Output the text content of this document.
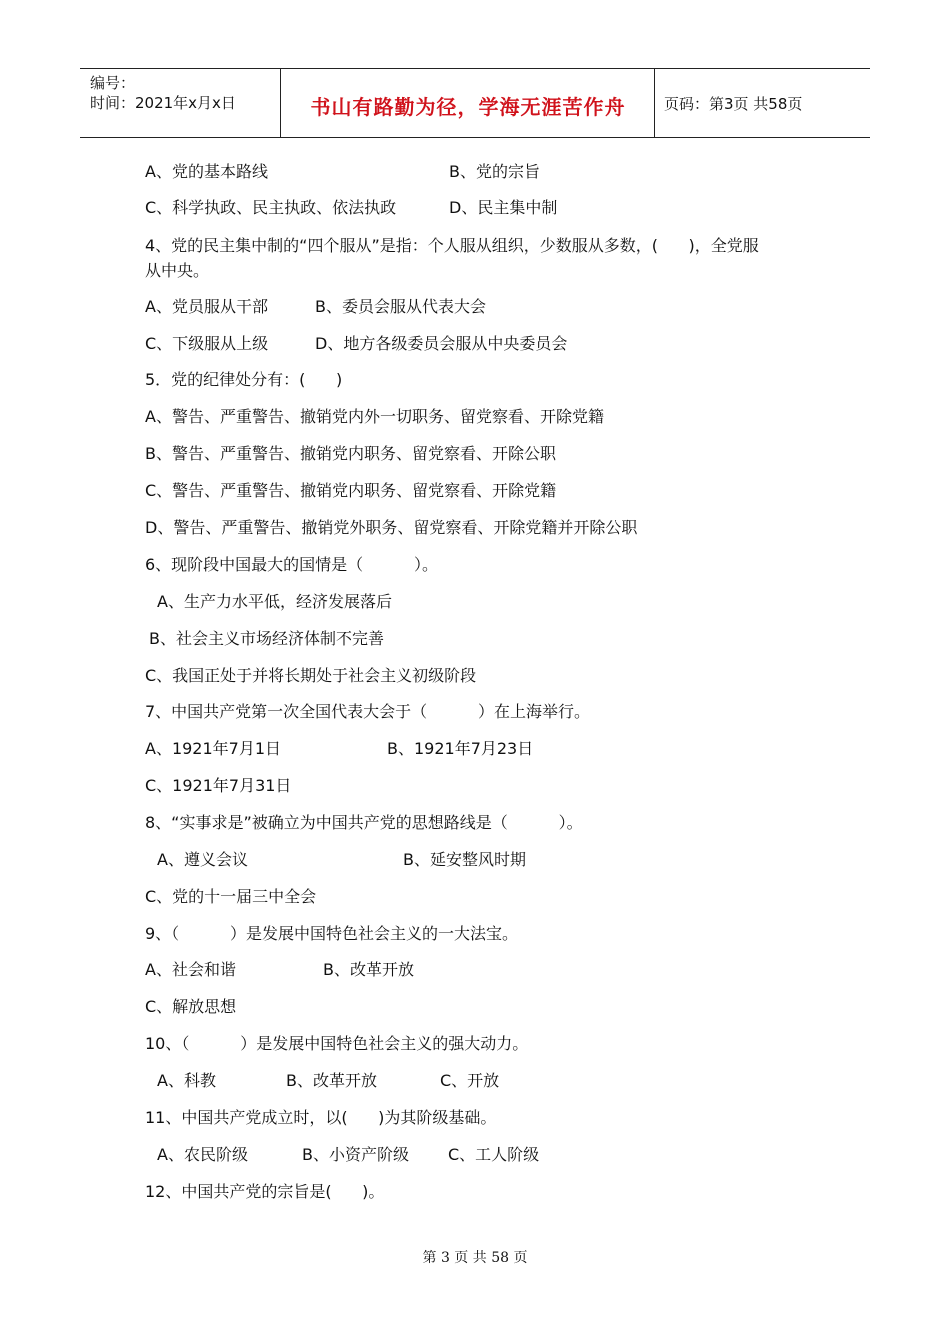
编号：
时间：2021年x月x日	书山有路勤为径，学海无涯苦作舟	页码：第3页 共58页
A、党的基本路线	B、党的宗旨
C、科学执政、民主执政、依法执政	D、民主集中制
4、党的民主集中制的“四个服从”是指：个人服从组织，少数服从多数，(      )，全党服
从中央。
A、党员服从干部	B、委员会服从代表大会
C、下级服从上级	D、地方各级委员会服从中央委员会
5．党的纪律处分有：(      )
A、警告、严重警告、撤销党内外一切职务、留党察看、开除党籍
B、警告、严重警告、撤销党内职务、留党察看、开除公职
C、警告、严重警告、撤销党内职务、留党察看、开除党籍
D、警告、严重警告、撤销党外职务、留党察看、开除党籍并开除公职
6、现阶段中国最大的国情是（          ）。
A、生产力水平低，经济发展落后
B、社会主义市场经济体制不完善
C、我国正处于并将长期处于社会主义初级阶段
7、中国共产党第一次全国代表大会于（          ）在上海举行。
A、1921年7月1日	B、1921年7月23日
C、1921年7月31日
8、“实事求是”被确立为中国共产党的思想路线是（          ）。
A、遵义会议	B、延安整风时期
C、党的十一届三中全会
9、（          ）是发展中国特色社会主义的一大法宝。
A、社会和谐	B、改革开放
C、解放思想
10、（          ）是发展中国特色社会主义的强大动力。
A、科教	B、改革开放	C、开放
11、中国共产党成立时，以(      )为其阶级基础。
A、农民阶级	B、小资产阶级 C、工人阶级
12、中国共产党的宗旨是(      )。
第 3 页 共 58 页
